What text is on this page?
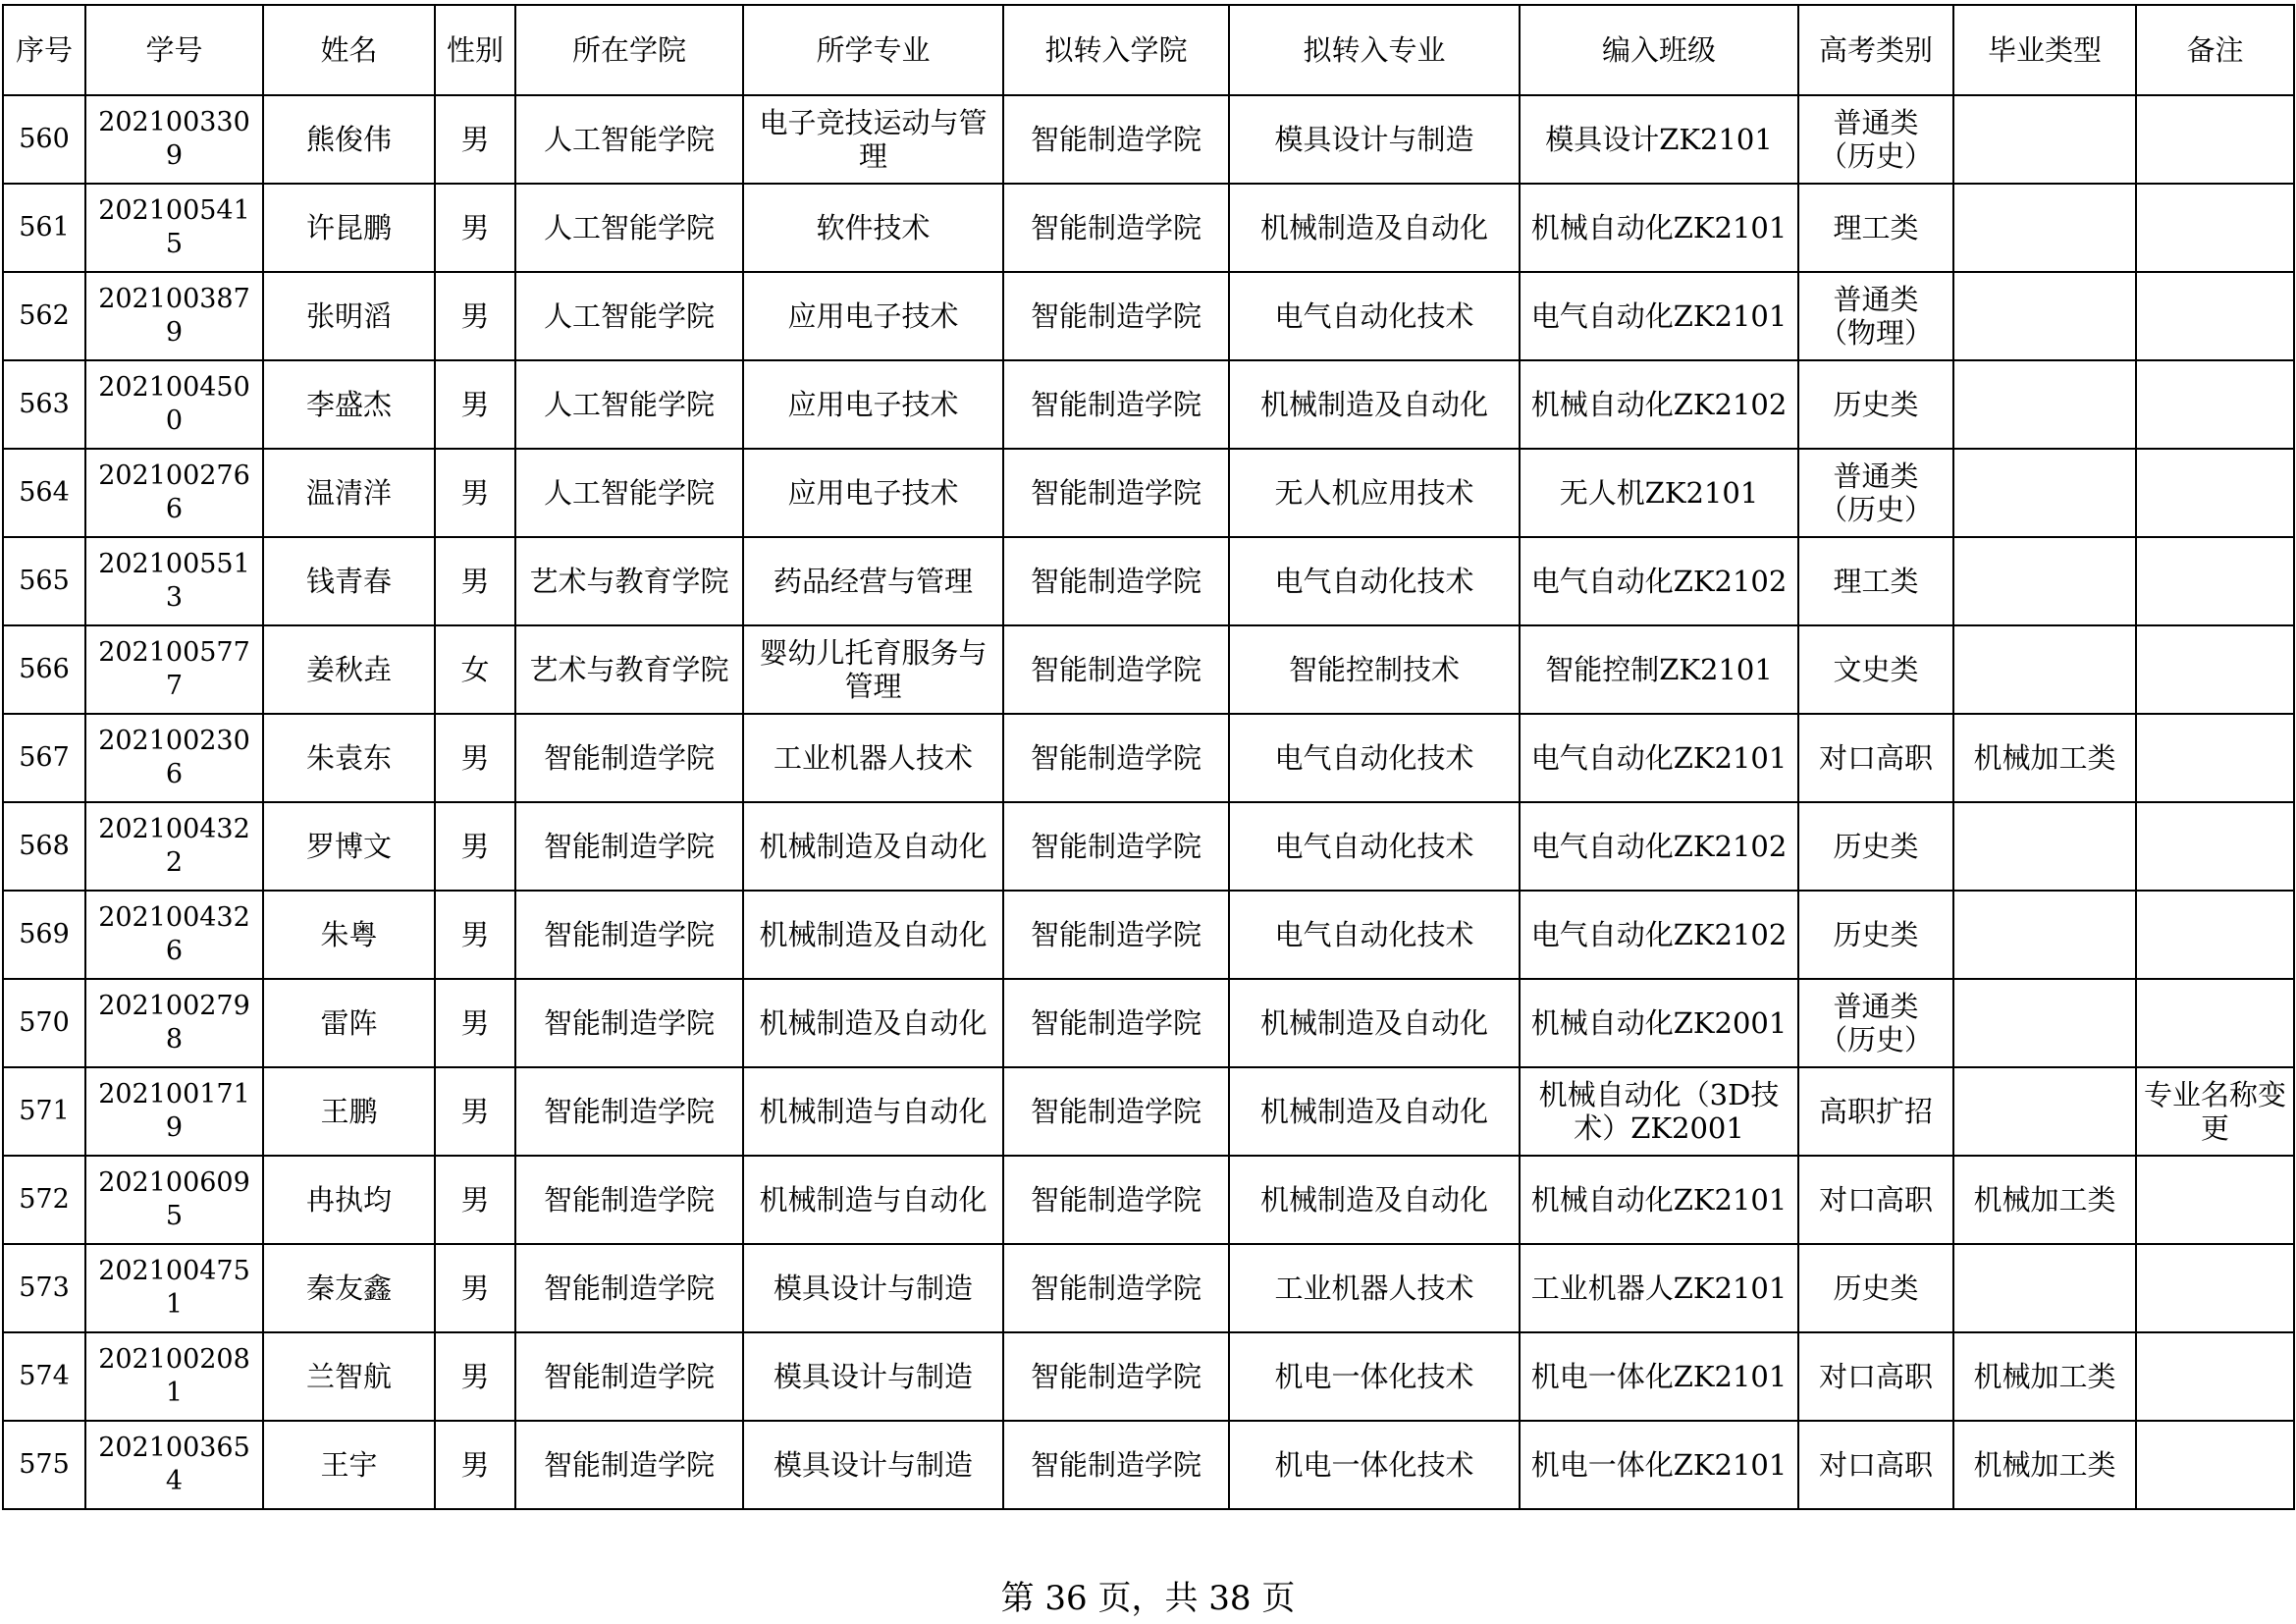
序号	学号	姓名	性别	所在学院	所学专业	拟转入学院	拟转入专业	编入班级	高考类别	毕业类型	备注
560	2021003309	熊俊伟	男	人工智能学院	电子竞技运动与管理	智能制造学院	模具设计与制造	模具设计ZK2101	普通类（历史）		
561	2021005415	许昆鹏	男	人工智能学院	软件技术	智能制造学院	机械制造及自动化	机械自动化ZK2101	理工类		
562	2021003879	张明滔	男	人工智能学院	应用电子技术	智能制造学院	电气自动化技术	电气自动化ZK2101	普通类（物理）		
563	2021004500	李盛杰	男	人工智能学院	应用电子技术	智能制造学院	机械制造及自动化	机械自动化ZK2102	历史类		
564	2021002766	温清洋	男	人工智能学院	应用电子技术	智能制造学院	无人机应用技术	无人机ZK2101	普通类（历史）		
565	2021005513	钱青春	男	艺术与教育学院	药品经营与管理	智能制造学院	电气自动化技术	电气自动化ZK2102	理工类		
566	2021005777	姜秋垚	女	艺术与教育学院	婴幼儿托育服务与管理	智能制造学院	智能控制技术	智能控制ZK2101	文史类		
567	2021002306	朱袁东	男	智能制造学院	工业机器人技术	智能制造学院	电气自动化技术	电气自动化ZK2101	对口高职	机械加工类	
568	2021004322	罗博文	男	智能制造学院	机械制造及自动化	智能制造学院	电气自动化技术	电气自动化ZK2102	历史类		
569	2021004326	朱粤	男	智能制造学院	机械制造及自动化	智能制造学院	电气自动化技术	电气自动化ZK2102	历史类		
570	2021002798	雷阵	男	智能制造学院	机械制造及自动化	智能制造学院	机械制造及自动化	机械自动化ZK2001	普通类（历史）		
571	2021001719	王鹏	男	智能制造学院	机械制造与自动化	智能制造学院	机械制造及自动化	机械自动化（3D技术）ZK2001	高职扩招		专业名称变更
572	2021006095	冉执均	男	智能制造学院	机械制造与自动化	智能制造学院	机械制造及自动化	机械自动化ZK2101	对口高职	机械加工类	
573	2021004751	秦友鑫	男	智能制造学院	模具设计与制造	智能制造学院	工业机器人技术	工业机器人ZK2101	历史类		
574	2021002081	兰智航	男	智能制造学院	模具设计与制造	智能制造学院	机电一体化技术	机电一体化ZK2101	对口高职	机械加工类	
575	2021003654	王宇	男	智能制造学院	模具设计与制造	智能制造学院	机电一体化技术	机电一体化ZK2101	对口高职	机械加工类	
第 36 页，共 38 页
